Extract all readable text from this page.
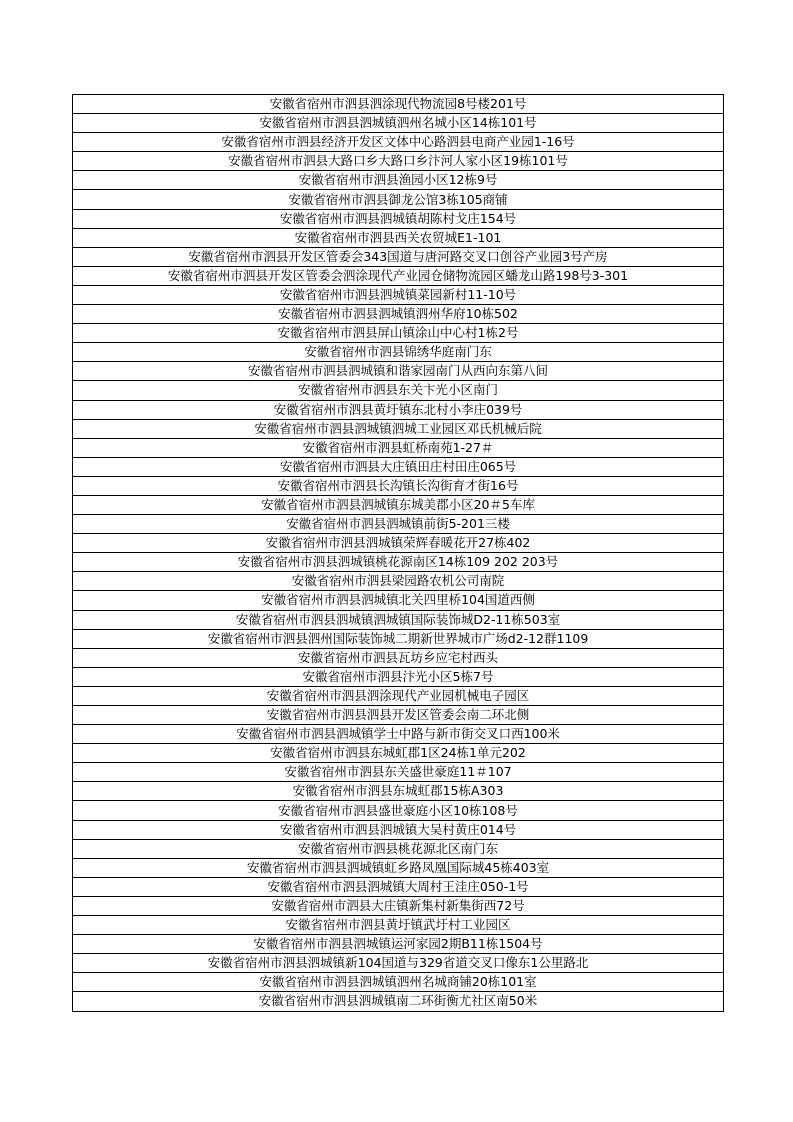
安徽省宿州市泗县泗涂现代物流园8号楼201号
安徽省宿州市泗县泗城镇泗州名城小区14栋101号
安徽省宿州市泗县经济开发区文体中心路泗县电商产业园1-16号
安徽省宿州市泗县大路口乡大路口乡汴河人家小区19栋101号
安徽省宿州市泗县渔园小区12栋9号
安徽省宿州市泗县御龙公馆3栋105商铺
安徽省宿州市泗县泗城镇胡陈村戈庄154号
安徽省宿州市泗县西关农贸城E1-101
安徽省宿州市泗县开发区管委会343国道与唐河路交叉口创谷产业园3号产房
安徽省宿州市泗县开发区管委会泗涂现代产业园仓储物流园区蟠龙山路198号3-301
安徽省宿州市泗县泗城镇菜园新村11-10号
安徽省宿州市泗县泗城镇泗州华府10栋502
安徽省宿州市泗县屏山镇涂山中心村1栋2号
安徽省宿州市泗县锦绣华庭南门东
安徽省宿州市泗县泗城镇和谐家园南门从西向东第八间
安徽省宿州市泗县东关卞光小区南门
安徽省宿州市泗县黄圩镇东北村小李庄039号
安徽省宿州市泗县泗城镇泗城工业园区邓氏机械后院
安徽省宿州市泗县虹桥南苑1-27＃
安徽省宿州市泗县大庄镇田庄村田庄065号
安徽省宿州市泗县长沟镇长沟街育才街16号
安徽省宿州市泗县泗城镇东城美郡小区20＃5车库
安徽省宿州市泗县泗城镇前街5-201三楼
安徽省宿州市泗县泗城镇荣辉春暖花开27栋402
安徽省宿州市泗县泗城镇桃花源南区14栋109 202 203号
安徽省宿州市泗县梁园路农机公司南院
安徽省宿州市泗县泗城镇北关四里桥104国道西侧
安徽省宿州市泗县泗城镇泗城镇国际装饰城D2-11栋503室
安徽省宿州市泗县泗州国际装饰城二期新世界城市广场d2-12群1109
安徽省宿州市泗县瓦坊乡应宅村西头
安徽省宿州市泗县汴光小区5栋7号
安徽省宿州市泗县泗涂现代产业园机械电子园区
安徽省宿州市泗县泗县开发区管委会南二环北侧
安徽省宿州市泗县泗城镇学士中路与新市街交叉口西100米
安徽省宿州市泗县东城虹郡1区24栋1单元202
安徽省宿州市泗县东关盛世豪庭11＃107
安徽省宿州市泗县东城虹郡15栋A303
安徽省宿州市泗县盛世豪庭小区10栋108号
安徽省宿州市泗县泗城镇大吴村黄庄014号
安徽省宿州市泗县桃花源北区南门东
安徽省宿州市泗县泗城镇虹乡路凤凰国际城45栋403室
安徽省宿州市泗县泗城镇大周村王洼庄050-1号
安徽省宿州市泗县大庄镇新集村新集街西72号
安徽省宿州市泗县黄圩镇武圩村工业园区
安徽省宿州市泗县泗城镇运河家园2期B11栋1504号
安徽省宿州市泗县泗城镇新104国道与329省道交叉口像东1公里路北
安徽省宿州市泗县泗城镇泗州名城商铺20栋101室
安徽省宿州市泗县泗城镇南二环街衡尤社区南50米
